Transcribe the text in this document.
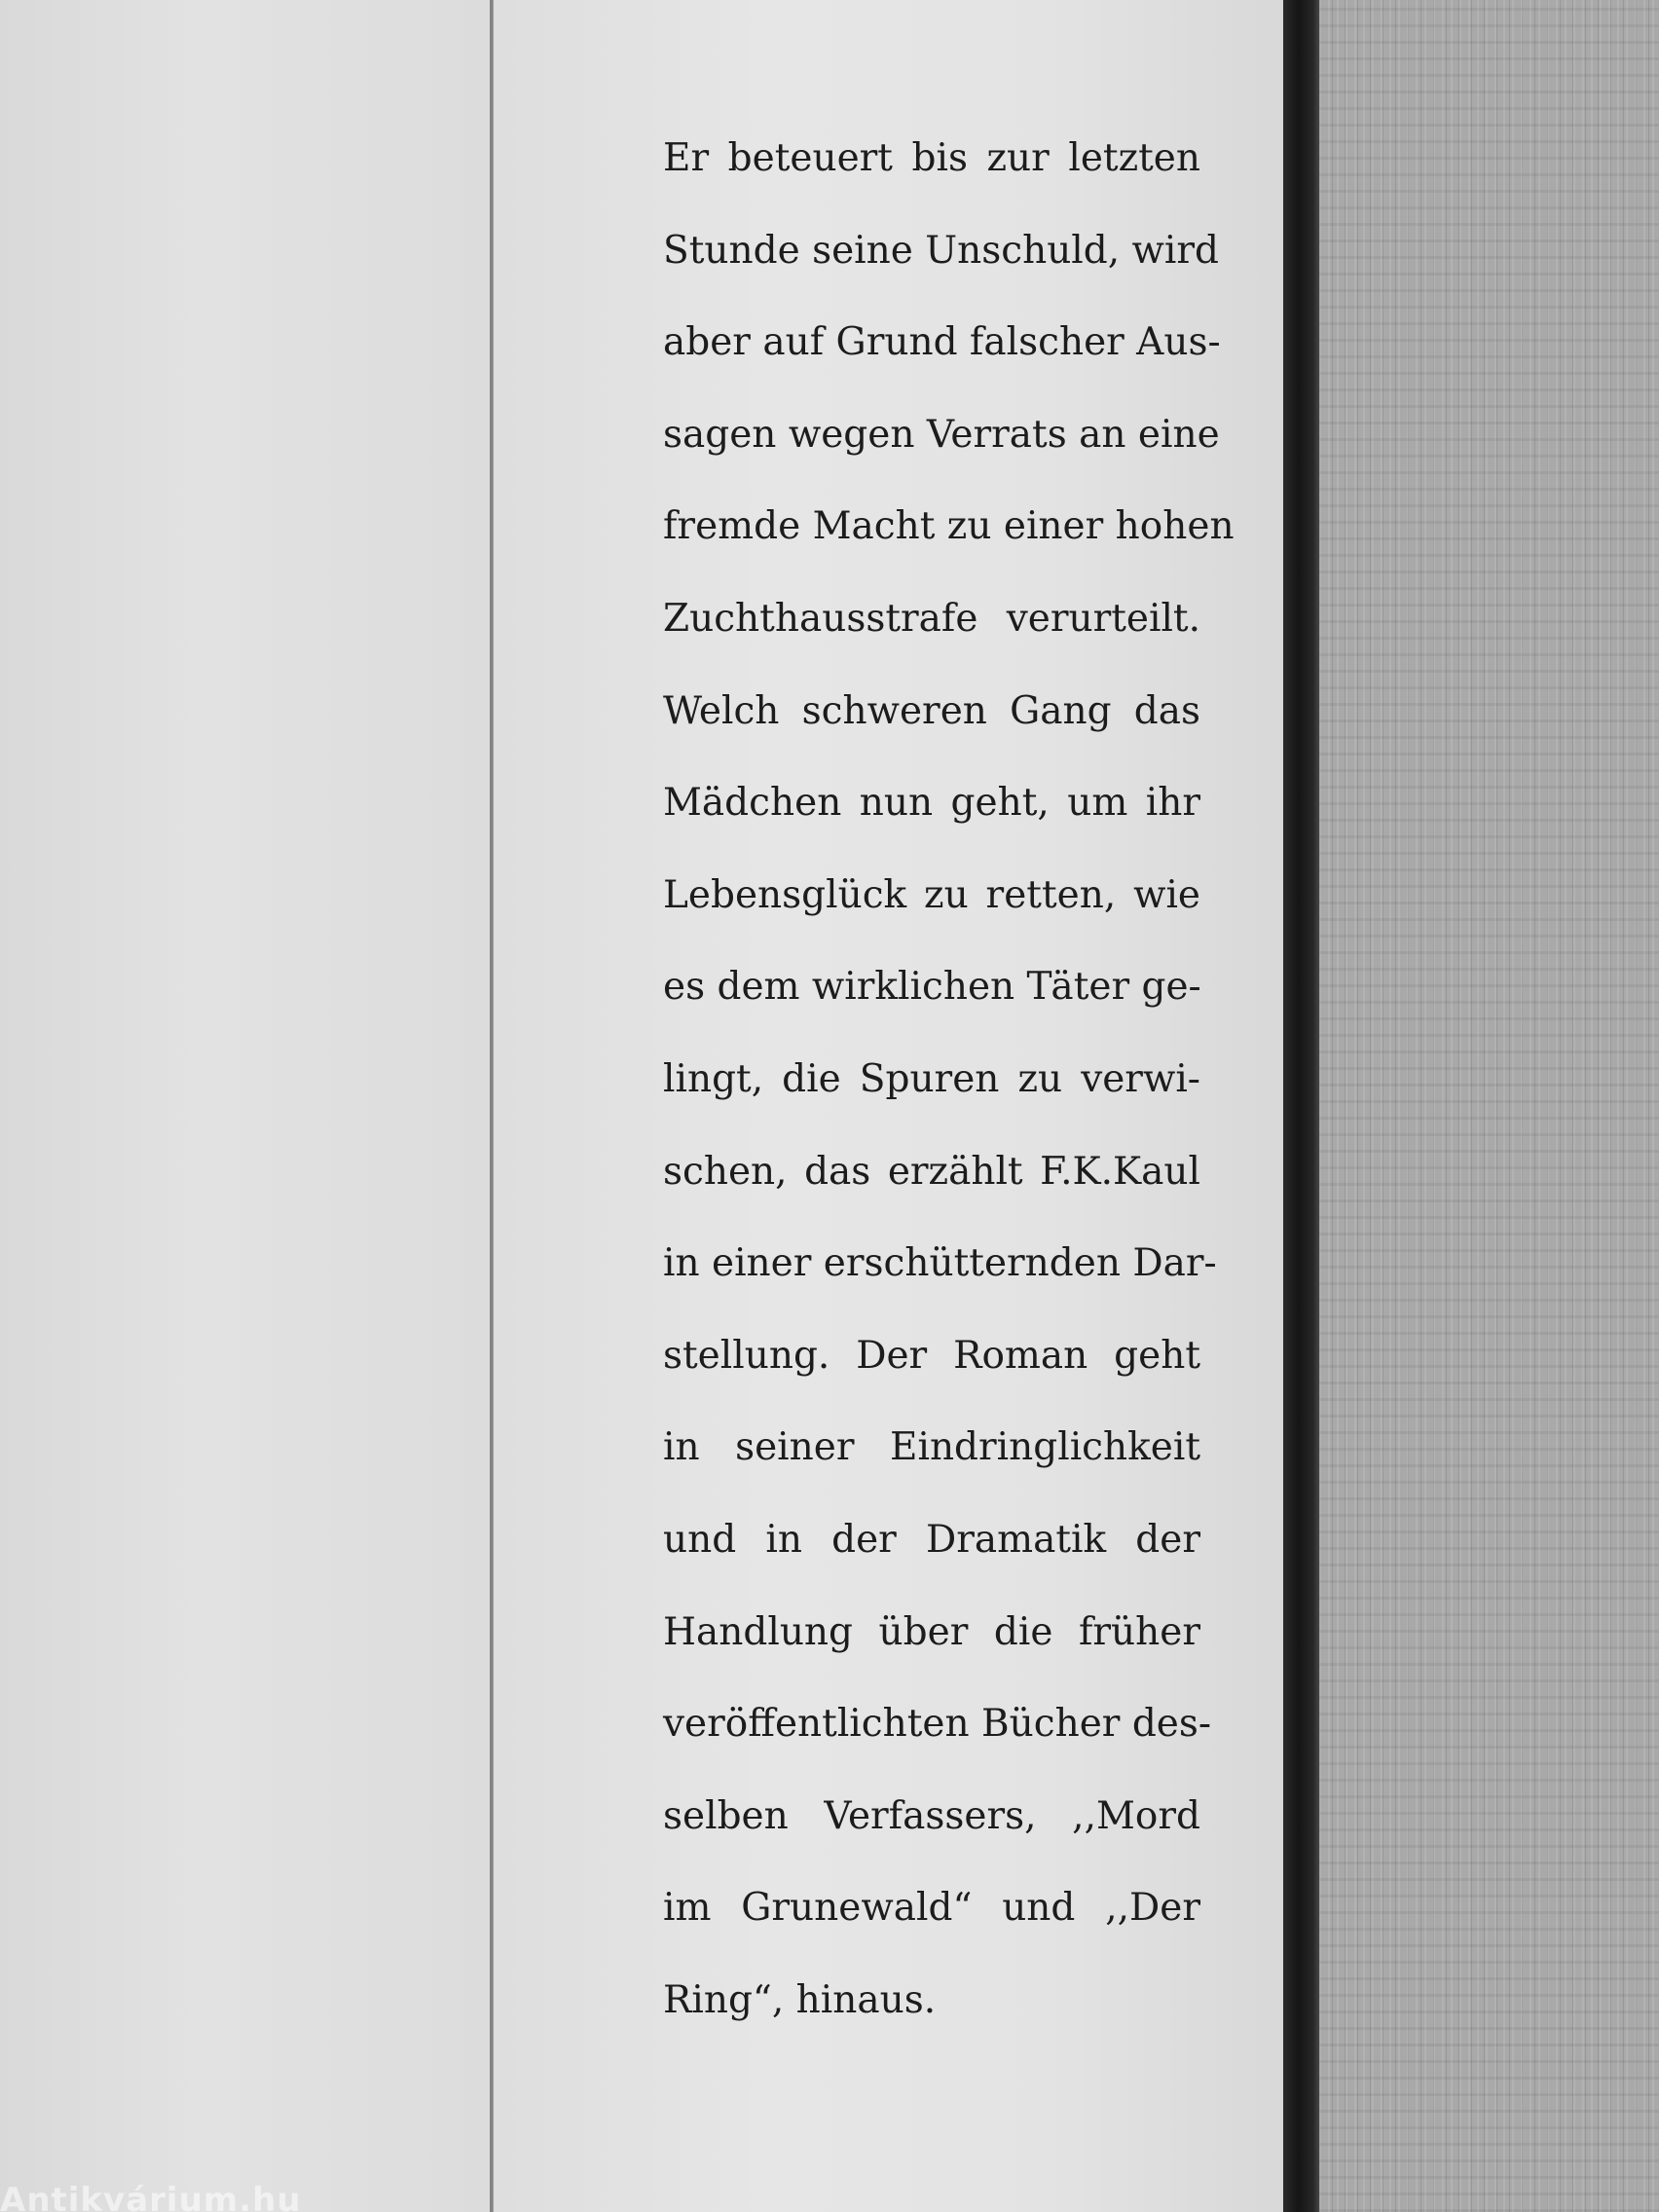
Er beteuert bis zur letzten
Stunde seine Unschuld, wird
aber auf Grund falscher Aus-
sagen wegen Verrats an eine
fremde Macht zu einer hohen
Zuchthausstrafe verurteilt.
Welch schweren Gang das
Mädchen nun geht, um ihr
Lebensglück zu retten, wie
es dem wirklichen Täter ge-
lingt, die Spuren zu verwi-
schen, das erzählt F.K.Kaul
in einer erschütternden Dar-
stellung. Der Roman geht
in seiner Eindringlichkeit
und in der Dramatik der
Handlung über die früher
veröffentlichten Bücher des-
selben Verfassers, ,,Mord
im Grunewald“ und ,,Der
Ring“, hinaus.
Antikvárium.hu
